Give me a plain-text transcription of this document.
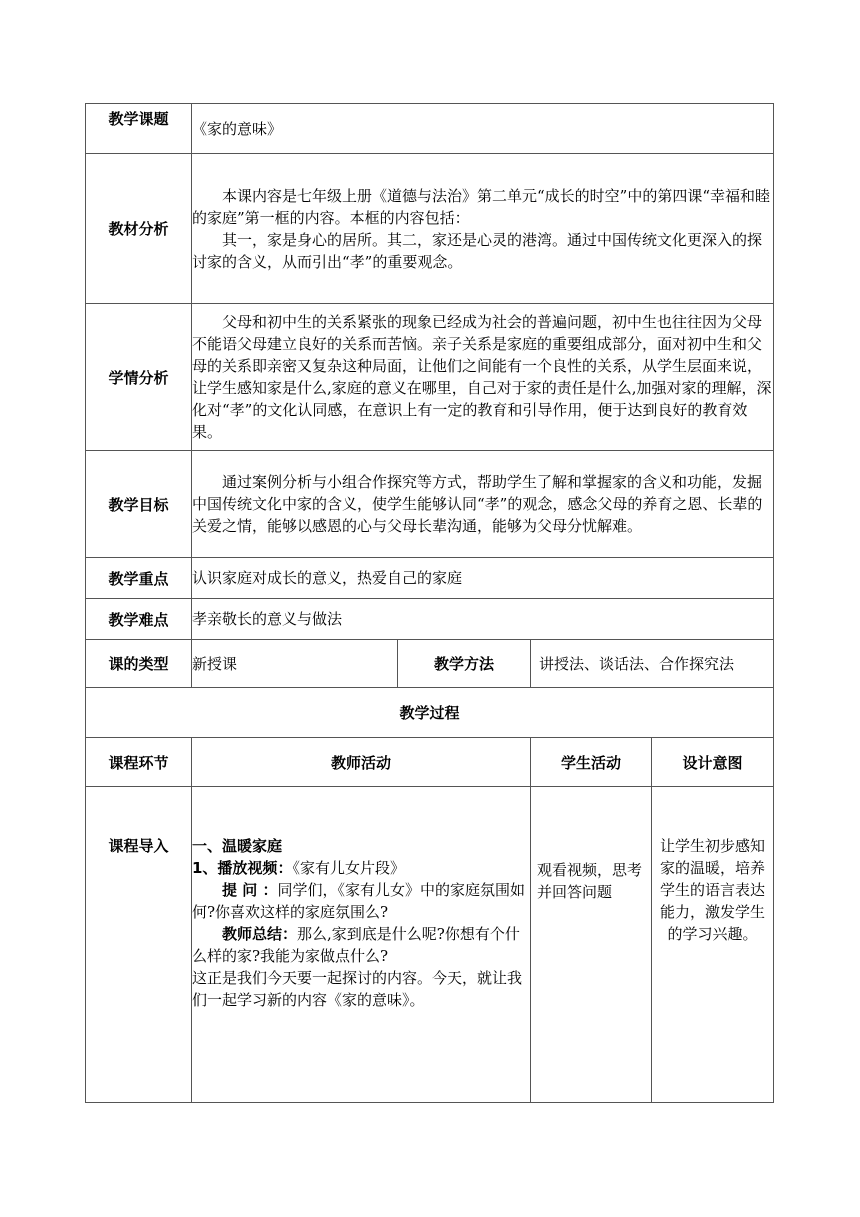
教学课题	《家的意味》			
教材分析	本课内容是七年级上册《道德与法治》第二单元“成长的时空”中的第四课“幸福和睦的家庭”第一框的内容。本框的内容包括：

其一，家是身心的居所。其二，家还是心灵的港湾。通过中国传统文化更深入的探讨家的含义，从而引出“孝”的重要观念。			

学情分析	父母和初中生的关系紧张的现象已经成为社会的普遍问题，初中生也往往因为父母不能语父母建立良好的关系而苦恼。亲子关系是家庭的重要组成部分，面对初中生和父母的关系即亲密又复杂这种局面，让他们之间能有一个良性的关系，从学生层面来说，让学生感知家是什么,家庭的意义在哪里，自己对于家的责任是什么,加强对家的理解，深化对“孝”的文化认同感，在意识上有一定的教育和引导作用，便于达到良好的教育效果。			

教学目标	通过案例分析与小组合作探究等方式，帮助学生了解和掌握家的含义和功能，发掘中国传统文化中家的含义，使学生能够认同“孝”的观念，感念父母的养育之恩、长辈的关爱之情，能够以感恩的心与父母长辈沟通，能够为父母分忧解难。			

教学重点	认识家庭对成长的意义，热爱自己的家庭			
教学难点	孝亲敬长的意义与做法			
课的类型	新授课	教学方法	讲授法、谈话法、合作探究法	
教学过程				
课程环节	教师活动		学生活动	设计意图
课程导入	一、温暖家庭
1、播放视频：《家有儿女片段》
提 问 ：同学们，《家有儿女》中的家庭氛围如何?你喜欢这样的家庭氛围么?
教师总结：那么,家到底是什么呢?你想有个什么样的家?我能为家做点什么?
这正是我们今天要一起探讨的内容。今天，就让我们一起学习新的内容《家的意味》。		观看视频，思考并回答问题	让学生初步感知家的温暖，培养学生的语言表达能力，激发学生的学习兴趣。
